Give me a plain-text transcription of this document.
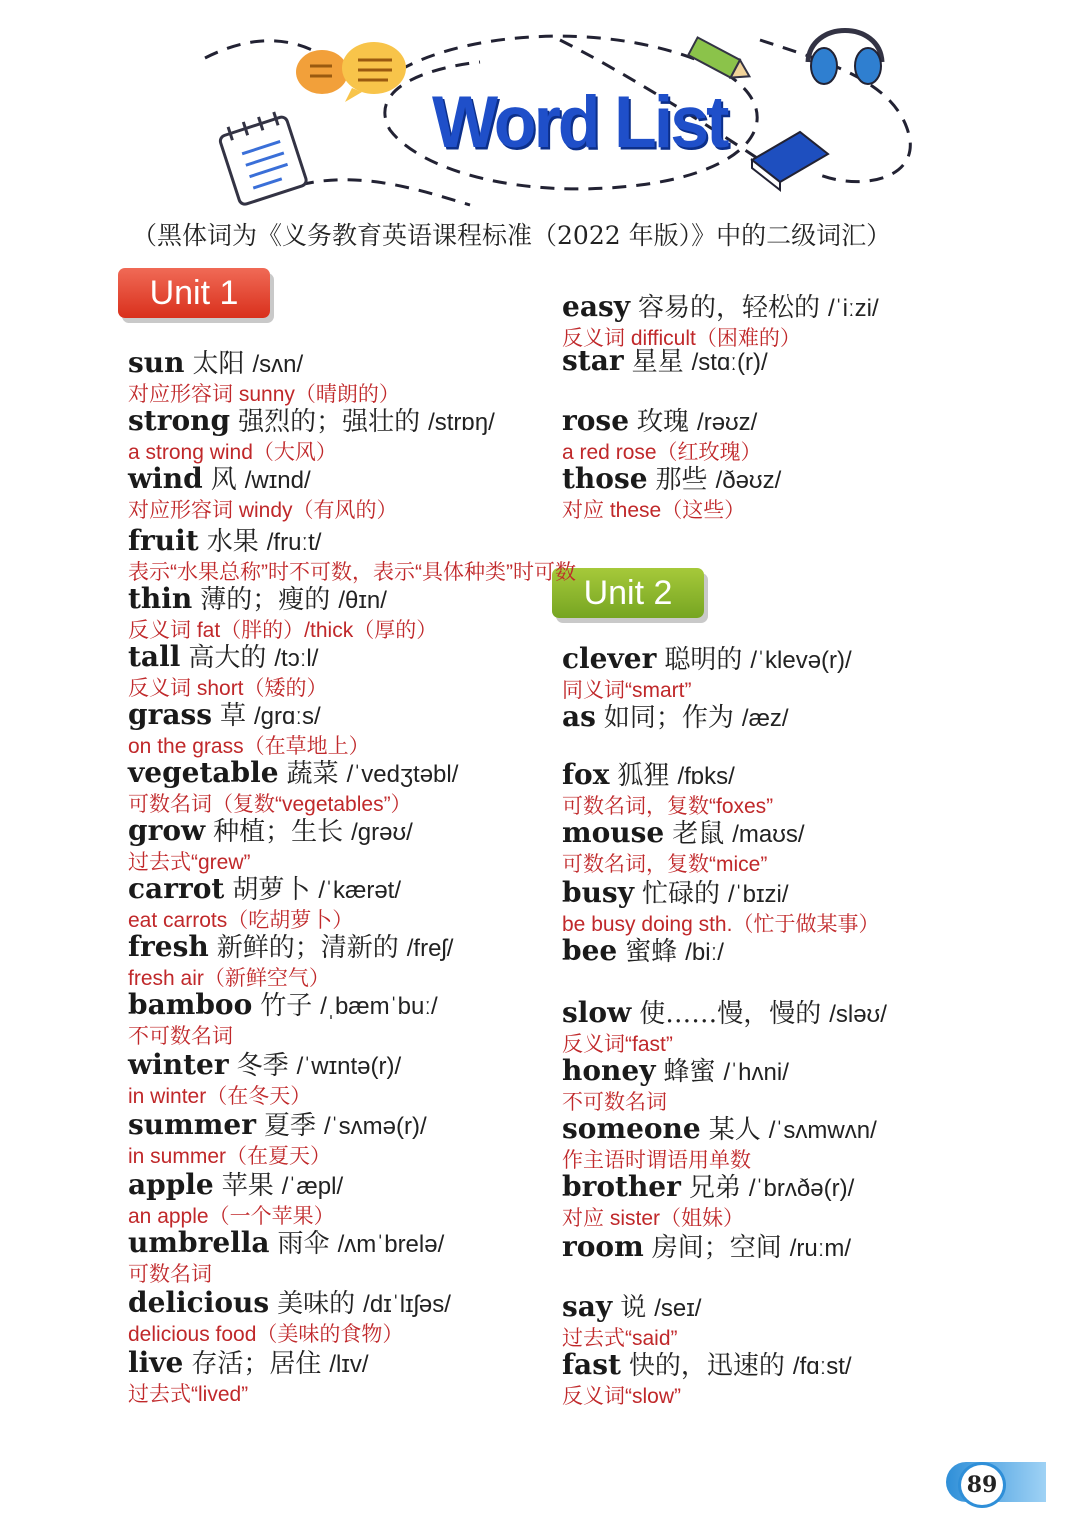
Word List
（黑体词为《义务教育英语课程标准（2022 年版）》中的二级词汇）
Unit 1
Unit 2
sun 太阳 /sʌn/
对应形容词 sunny（晴朗的）
strong 强烈的；强壮的 /strɒŋ/
a strong wind（大风）
wind 风 /wɪnd/
对应形容词 windy（有风的）
fruit 水果 /fruːt/
表示“水果总称”时不可数，表示“具体种类”时可数
thin 薄的；瘦的 /θɪn/
反义词 fat（胖的）/thick（厚的）
tall 高大的 /tɔːl/
反义词 short（矮的）
grass 草 /grɑːs/
on the grass（在草地上）
vegetable 蔬菜 /ˈvedʒtəbl/
可数名词（复数“vegetables”）
grow 种植；生长 /grəʊ/
过去式“grew”
carrot 胡萝卜 /ˈkærət/
eat carrots（吃胡萝卜）
fresh 新鲜的；清新的 /freʃ/
fresh air（新鲜空气）
bamboo 竹子 /ˌbæmˈbuː/
不可数名词
winter 冬季 /ˈwɪntə(r)/
in winter（在冬天）
summer 夏季 /ˈsʌmə(r)/
in summer（在夏天）
apple 苹果 /ˈæpl/
an apple（一个苹果）
umbrella 雨伞 /ʌmˈbrelə/
可数名词
delicious 美味的 /dɪˈlɪʃəs/
delicious food（美味的食物）
live 存活；居住 /lɪv/
过去式“lived”
easy 容易的，轻松的 /ˈiːzi/
反义词 difficult（困难的）
star 星星 /stɑː(r)/
rose 玫瑰 /rəʊz/
a red rose（红玫瑰）
those 那些 /ðəʊz/
对应 these（这些）
clever 聪明的 /ˈklevə(r)/
同义词“smart”
as 如同；作为 /æz/
fox 狐狸 /fɒks/
可数名词，复数“foxes”
mouse 老鼠 /maʊs/
可数名词，复数“mice”
busy 忙碌的 /ˈbɪzi/
be busy doing sth.（忙于做某事）
bee 蜜蜂 /biː/
slow 使……慢，慢的 /sləʊ/
反义词“fast”
honey 蜂蜜 /ˈhʌni/
不可数名词
someone 某人 /ˈsʌmwʌn/
作主语时谓语用单数
brother 兄弟 /ˈbrʌðə(r)/
对应 sister（姐妹）
room 房间；空间 /ruːm/
say 说 /seɪ/
过去式“said”
fast 快的，迅速的 /fɑːst/
反义词“slow”
89
